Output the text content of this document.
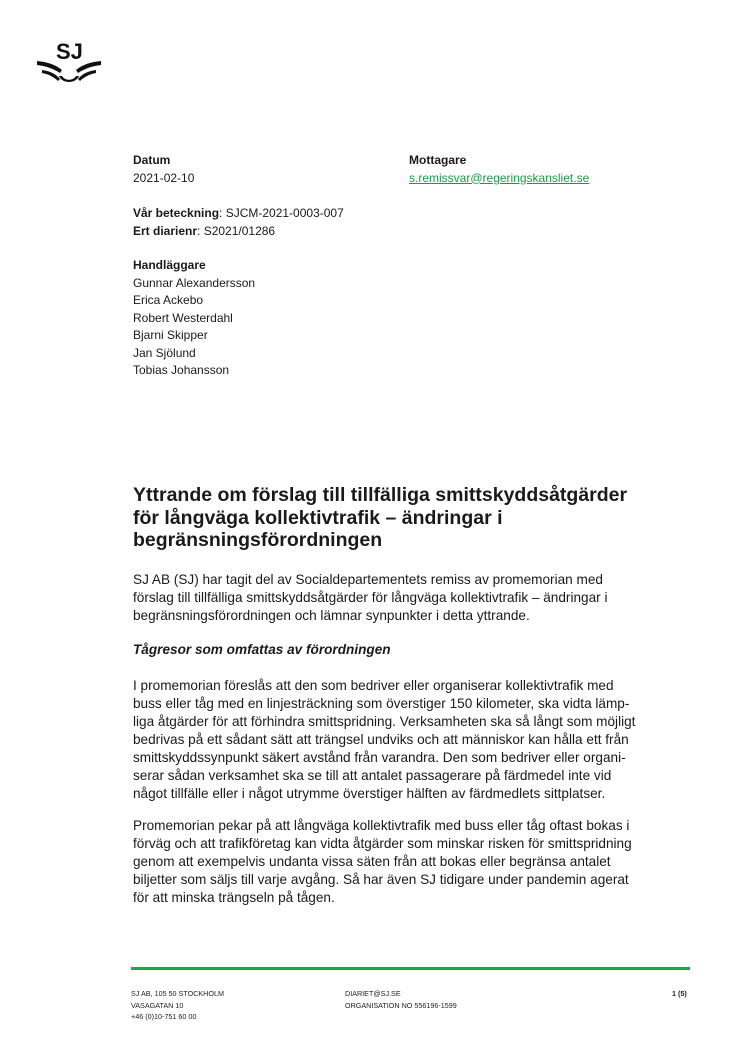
SJ
Datum
2021-02-10
Mottagare
s.remissvar@regeringskansliet.se
Vår beteckning: SJCM-2021-0003-007
Ert diarienr: S2021/01286
Handläggare
Gunnar Alexandersson
Erica Ackebo
Robert Westerdahl
Bjarni Skipper
Jan Sjölund
Tobias Johansson
Yttrande om förslag till tillfälliga smittskyddsåtgärder
för långväga kollektivtrafik – ändringar i
begränsningsförordningen

SJ AB (SJ) har tagit del av Socialdepartementets remiss av promemorian med
förslag till tillfälliga smittskyddsåtgärder för långväga kollektivtrafik – ändringar i
begränsningsförordningen och lämnar synpunkter i detta yttrande.

Tågresor som omfattas av förordningen

I promemorian föreslås att den som bedriver eller organiserar kollektivtrafik med
buss eller tåg med en linjesträckning som överstiger 150 kilometer, ska vidta lämp-
liga åtgärder för att förhindra smittspridning. Verksamheten ska så långt som möjligt
bedrivas på ett sådant sätt att trängsel undviks och att människor kan hålla ett från
smittskyddssynpunkt säkert avstånd från varandra. Den som bedriver eller organi-
serar sådan verksamhet ska se till att antalet passagerare på färdmedel inte vid
något tillfälle eller i något utrymme överstiger hälften av färdmedlets sittplatser.

Promemorian pekar på att långväga kollektivtrafik med buss eller tåg oftast bokas i
förväg och att trafikföretag kan vidta åtgärder som minskar risken för smittspridning
genom att exempelvis undanta vissa säten från att bokas eller begränsa antalet
biljetter som säljs till varje avgång. Så har även SJ tidigare under pandemin agerat
för att minska trängseln på tågen.

SJ AB, 105 50 STOCKHOLM
VASAGATAN 10
+46 (0)10-751 60 00
DIARIET@SJ.SE
ORGANISATION NO 556196-1599
1 (5)
